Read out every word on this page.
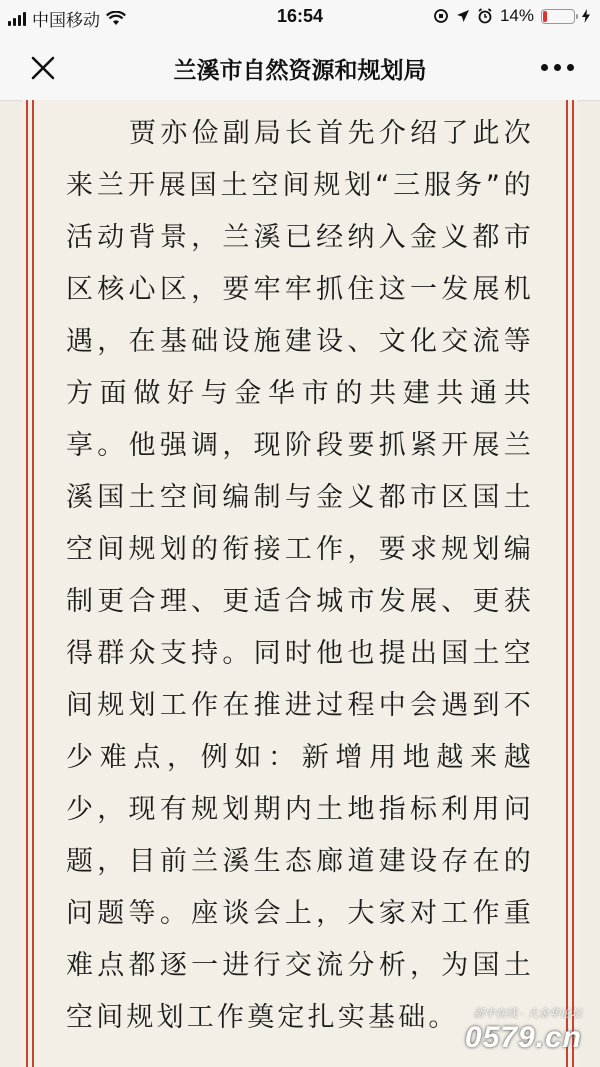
中国移动	16:54	14%
兰溪市自然资源和规划局
贾亦俭副局长首先介绍了此次来兰开展国土空间规划“三服务”的活动背景，兰溪已经纳入金义都市区核心区，要牢牢抓住这一发展机遇，在基础设施建设、文化交流等方面做好与金华市的共建共通共享。他强调，现阶段要抓紧开展兰溪国土空间编制与金义都市区国土空间规划的衔接工作，要求规划编制更合理、更适合城市发展、更获得群众支持。同时他也提出国土空间规划工作在推进过程中会遇到不少难点，例如：新增用地越来越少，现有规划期内土地指标利用问题，目前兰溪生态廊道建设存在的问题等。座谈会上，大家对工作重难点都逐一进行交流分析，为国土空间规划工作奠定扎实基础。	新中在线 · 大金华论坛
0579.cn
